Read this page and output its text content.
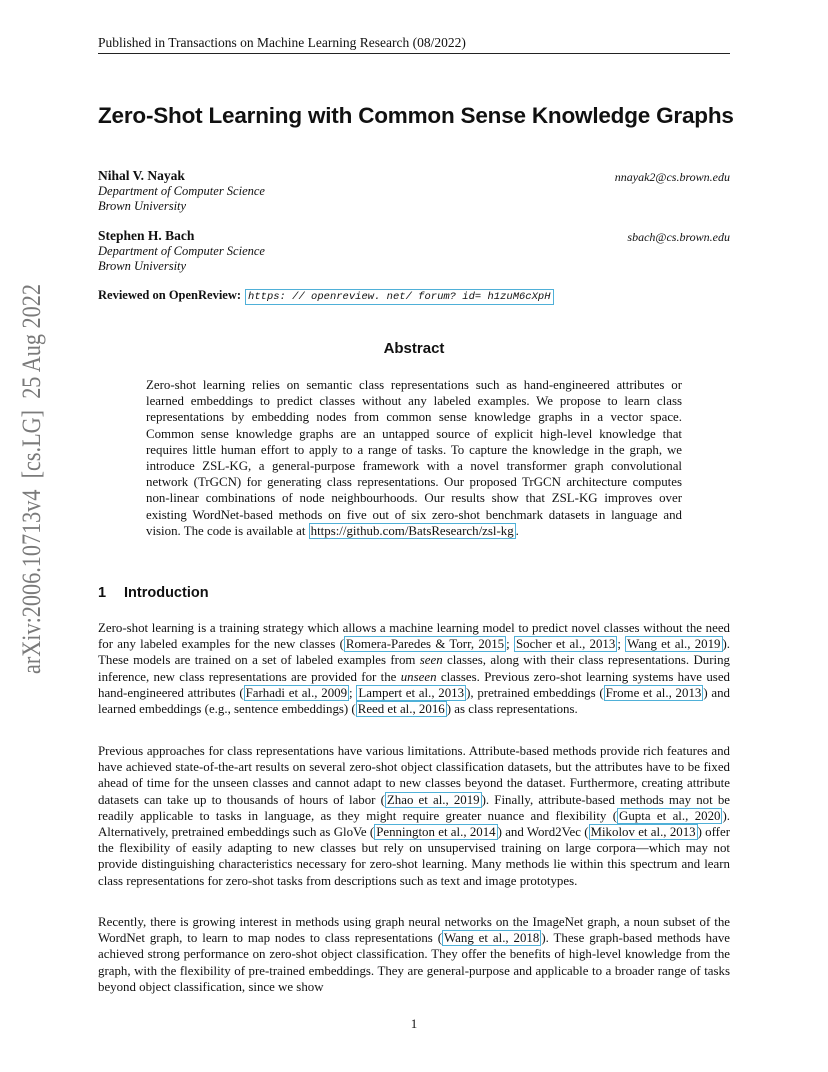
Published in Transactions on Machine Learning Research (08/2022)
Zero-Shot Learning with Common Sense Knowledge Graphs
Nihal V. Nayak	nnayak2@cs.brown.edu
Department of Computer Science
Brown University
Stephen H. Bach	sbach@cs.brown.edu
Department of Computer Science
Brown University
Reviewed on OpenReview: https: // openreview. net/ forum? id= h1zuM6cXpH
Abstract
Zero-shot learning relies on semantic class representations such as hand-engineered attributes or learned embeddings to predict classes without any labeled examples. We propose to learn class representations by embedding nodes from common sense knowledge graphs in a vector space. Common sense knowledge graphs are an untapped source of explicit high-level knowledge that requires little human effort to apply to a range of tasks. To capture the knowledge in the graph, we introduce ZSL-KG, a general-purpose framework with a novel transformer graph convolutional network (TrGCN) for generating class representations. Our proposed TrGCN architecture computes non-linear combinations of node neighbourhoods. Our results show that ZSL-KG improves over existing WordNet-based methods on five out of six zero-shot benchmark datasets in language and vision. The code is available at https://github.com/BatsResearch/zsl-kg .
1 Introduction
Zero-shot learning is a training strategy which allows a machine learning model to predict novel classes without the need for any labeled examples for the new classes ( Romera-Paredes & Torr, 2015 ; Socher et al., 2013 ; Wang et al., 2019 ). These models are trained on a set of labeled examples from seen classes, along with their class representations. During inference, new class representations are provided for the unseen classes. Previous zero-shot learning systems have used hand-engineered attributes ( Farhadi et al., 2009 ; Lampert et al., 2013 ), pretrained embeddings ( Frome et al., 2013 ) and learned embeddings (e.g., sentence embeddings) ( Reed et al., 2016 ) as class representations.
Previous approaches for class representations have various limitations. Attribute-based methods provide rich features and have achieved state-of-the-art results on several zero-shot object classification datasets, but the attributes have to be fixed ahead of time for the unseen classes and cannot adapt to new classes beyond the dataset. Furthermore, creating attribute datasets can take up to thousands of hours of labor ( Zhao et al., 2019 ). Finally, attribute-based methods may not be readily applicable to tasks in language, as they might require greater nuance and flexibility ( Gupta et al., 2020 ). Alternatively, pretrained embeddings such as GloVe ( Pennington et al., 2014 ) and Word2Vec ( Mikolov et al., 2013 ) offer the flexibility of easily adapting to new classes but rely on unsupervised training on large corpora—which may not provide distinguishing characteristics necessary for zero-shot learning. Many methods lie within this spectrum and learn class representations for zero-shot tasks from descriptions such as text and image prototypes.
Recently, there is growing interest in methods using graph neural networks on the ImageNet graph, a noun subset of the WordNet graph, to learn to map nodes to class representations ( Wang et al., 2018 ). These graph-based methods have achieved strong performance on zero-shot object classification. They offer the benefits of high-level knowledge from the graph, with the flexibility of pre-trained embeddings. They are general-purpose and applicable to a broader range of tasks beyond object classification, since we show
arXiv:2006.10713v4  [cs.LG]  25 Aug 2022
1
